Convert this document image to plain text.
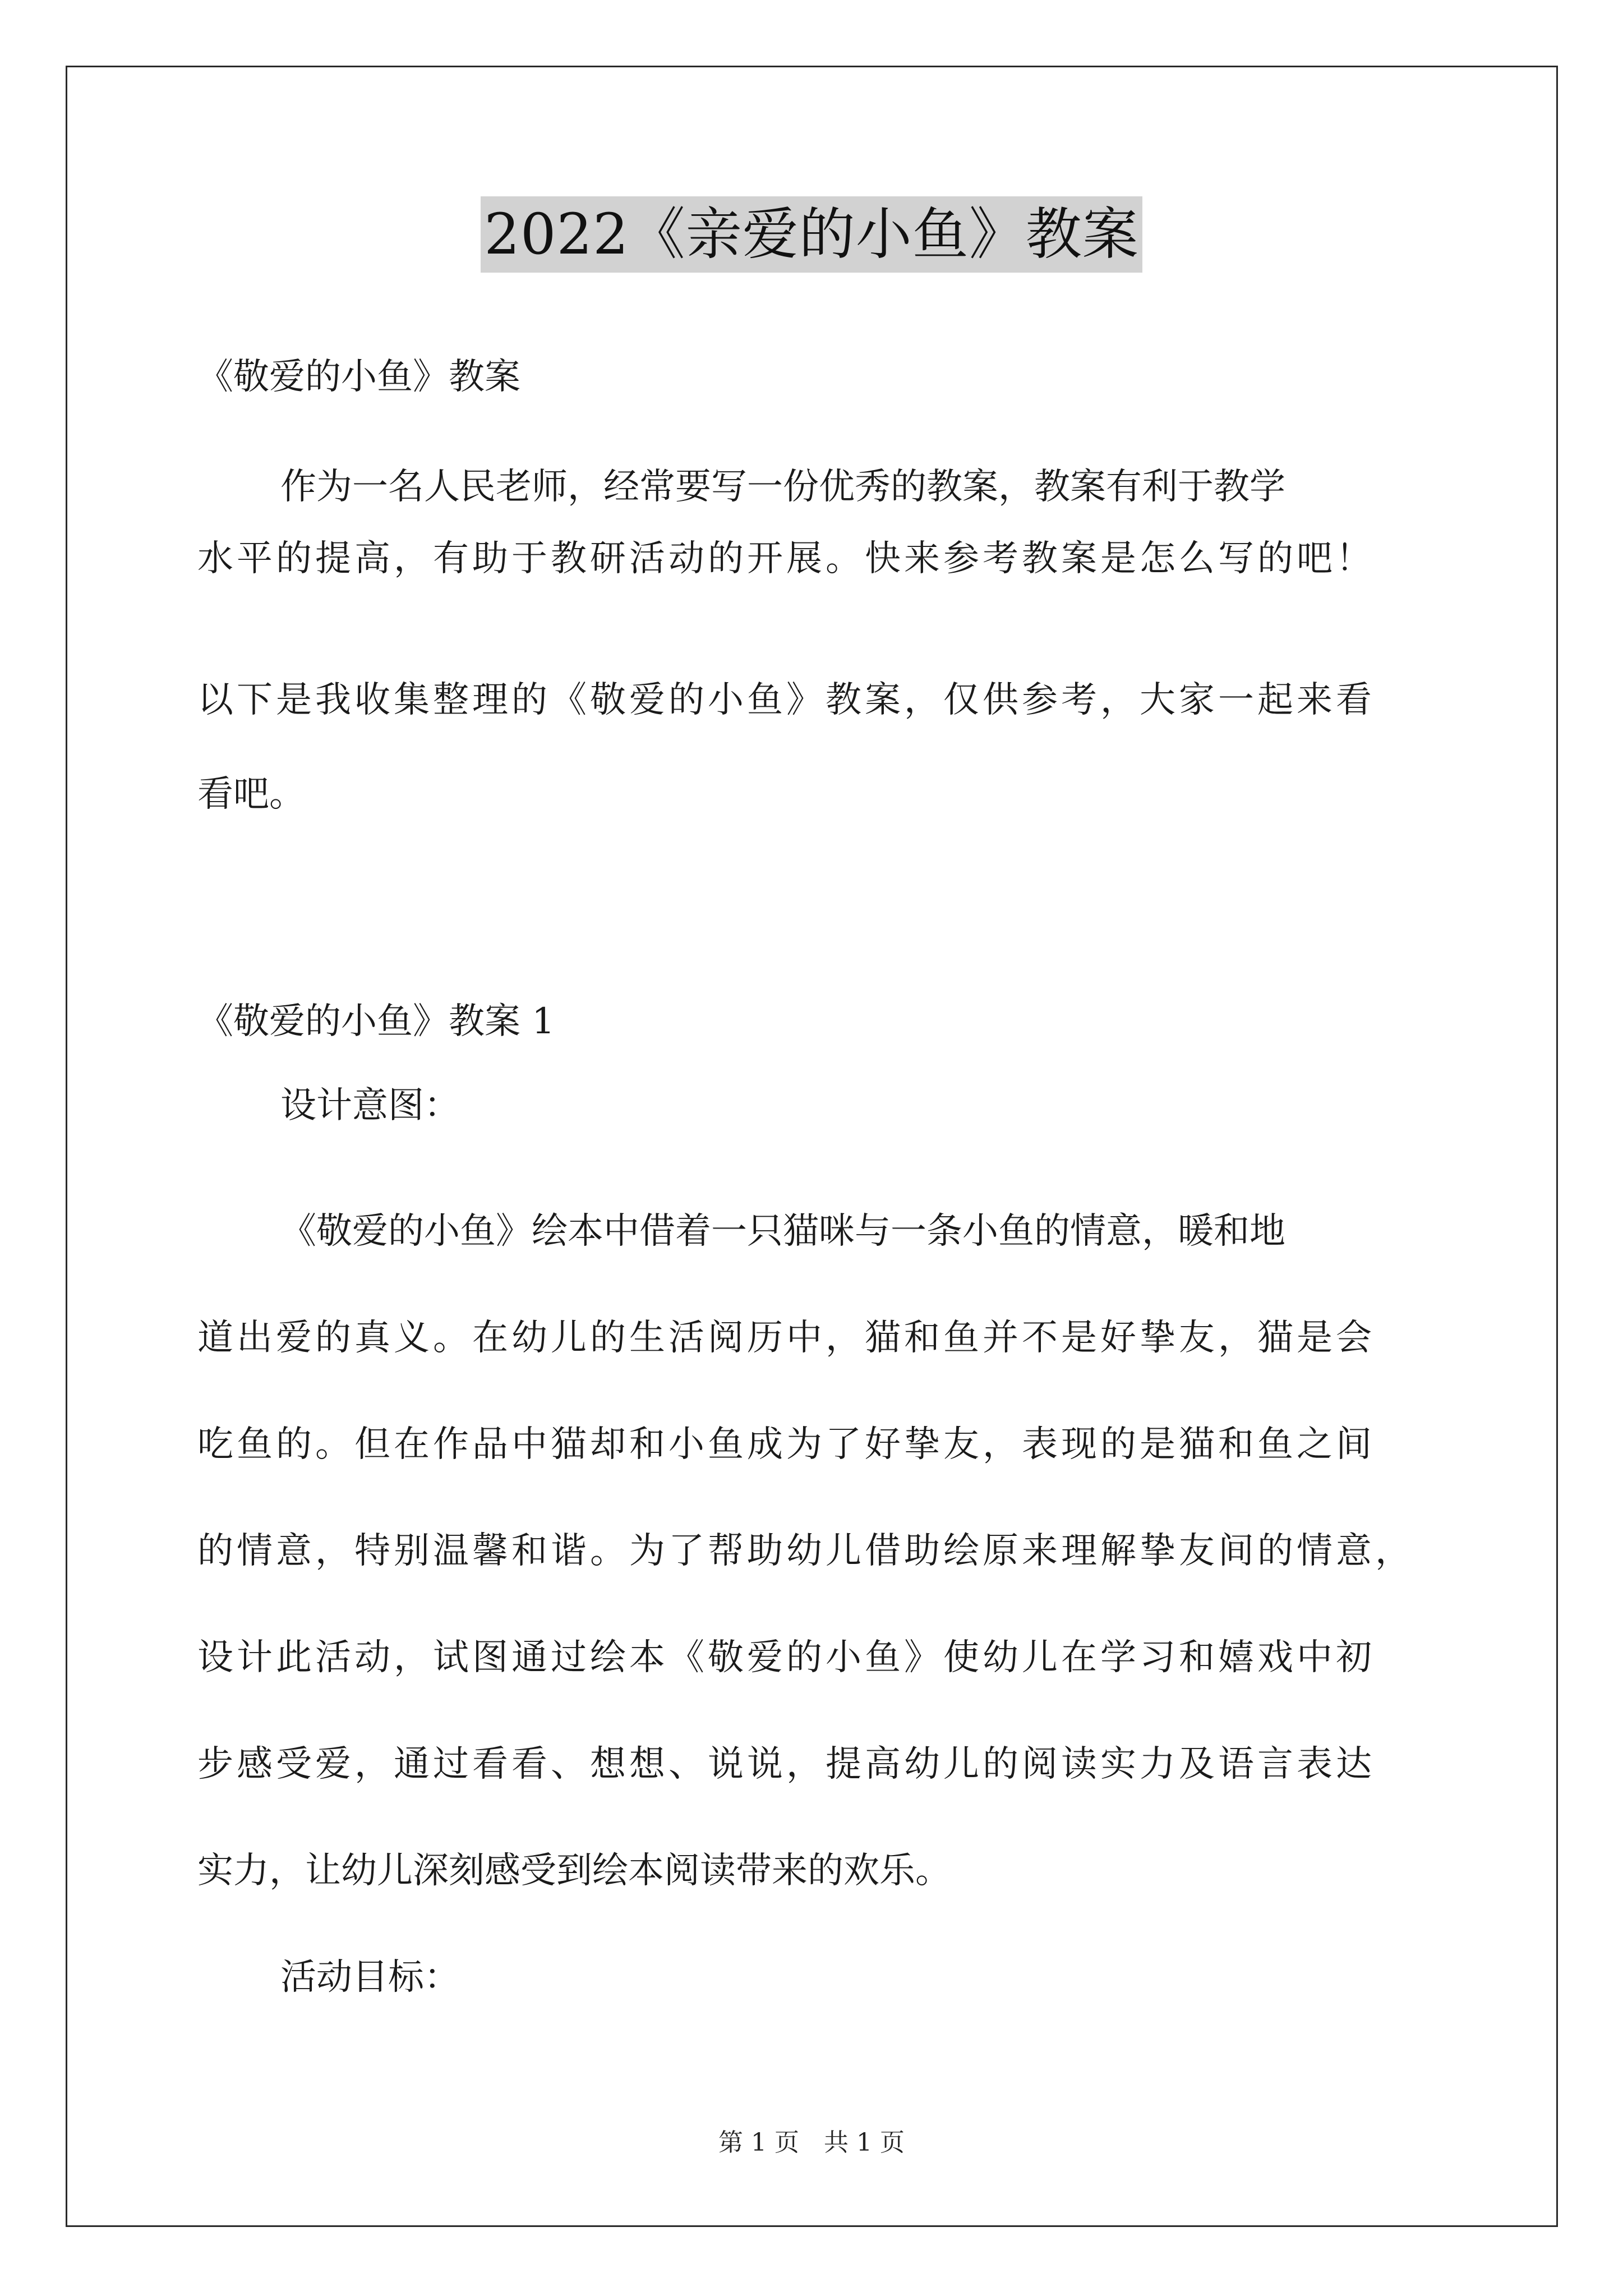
2022《亲爱的小鱼》教案
《敬爱的小鱼》教案
作为一名人民老师，经常要写一份优秀的教案，教案有利于教学
水平的提高，有助于教研活动的开展。快来参考教案是怎么写的吧！
以下是我收集整理的《敬爱的小鱼》教案，仅供参考，大家一起来看
看吧。
《敬爱的小鱼》教案 1
设计意图：
《敬爱的小鱼》绘本中借着一只猫咪与一条小鱼的情意，暖和地
道出爱的真义。在幼儿的生活阅历中，猫和鱼并不是好挚友，猫是会
吃鱼的。但在作品中猫却和小鱼成为了好挚友，表现的是猫和鱼之间
的情意，特别温馨和谐。为了帮助幼儿借助绘原来理解挚友间的情意，
设计此活动，试图通过绘本《敬爱的小鱼》使幼儿在学习和嬉戏中初
步感受爱，通过看看、想想、说说，提高幼儿的阅读实力及语言表达
实力，让幼儿深刻感受到绘本阅读带来的欢乐。
活动目标：
第 1 页 共 1 页
